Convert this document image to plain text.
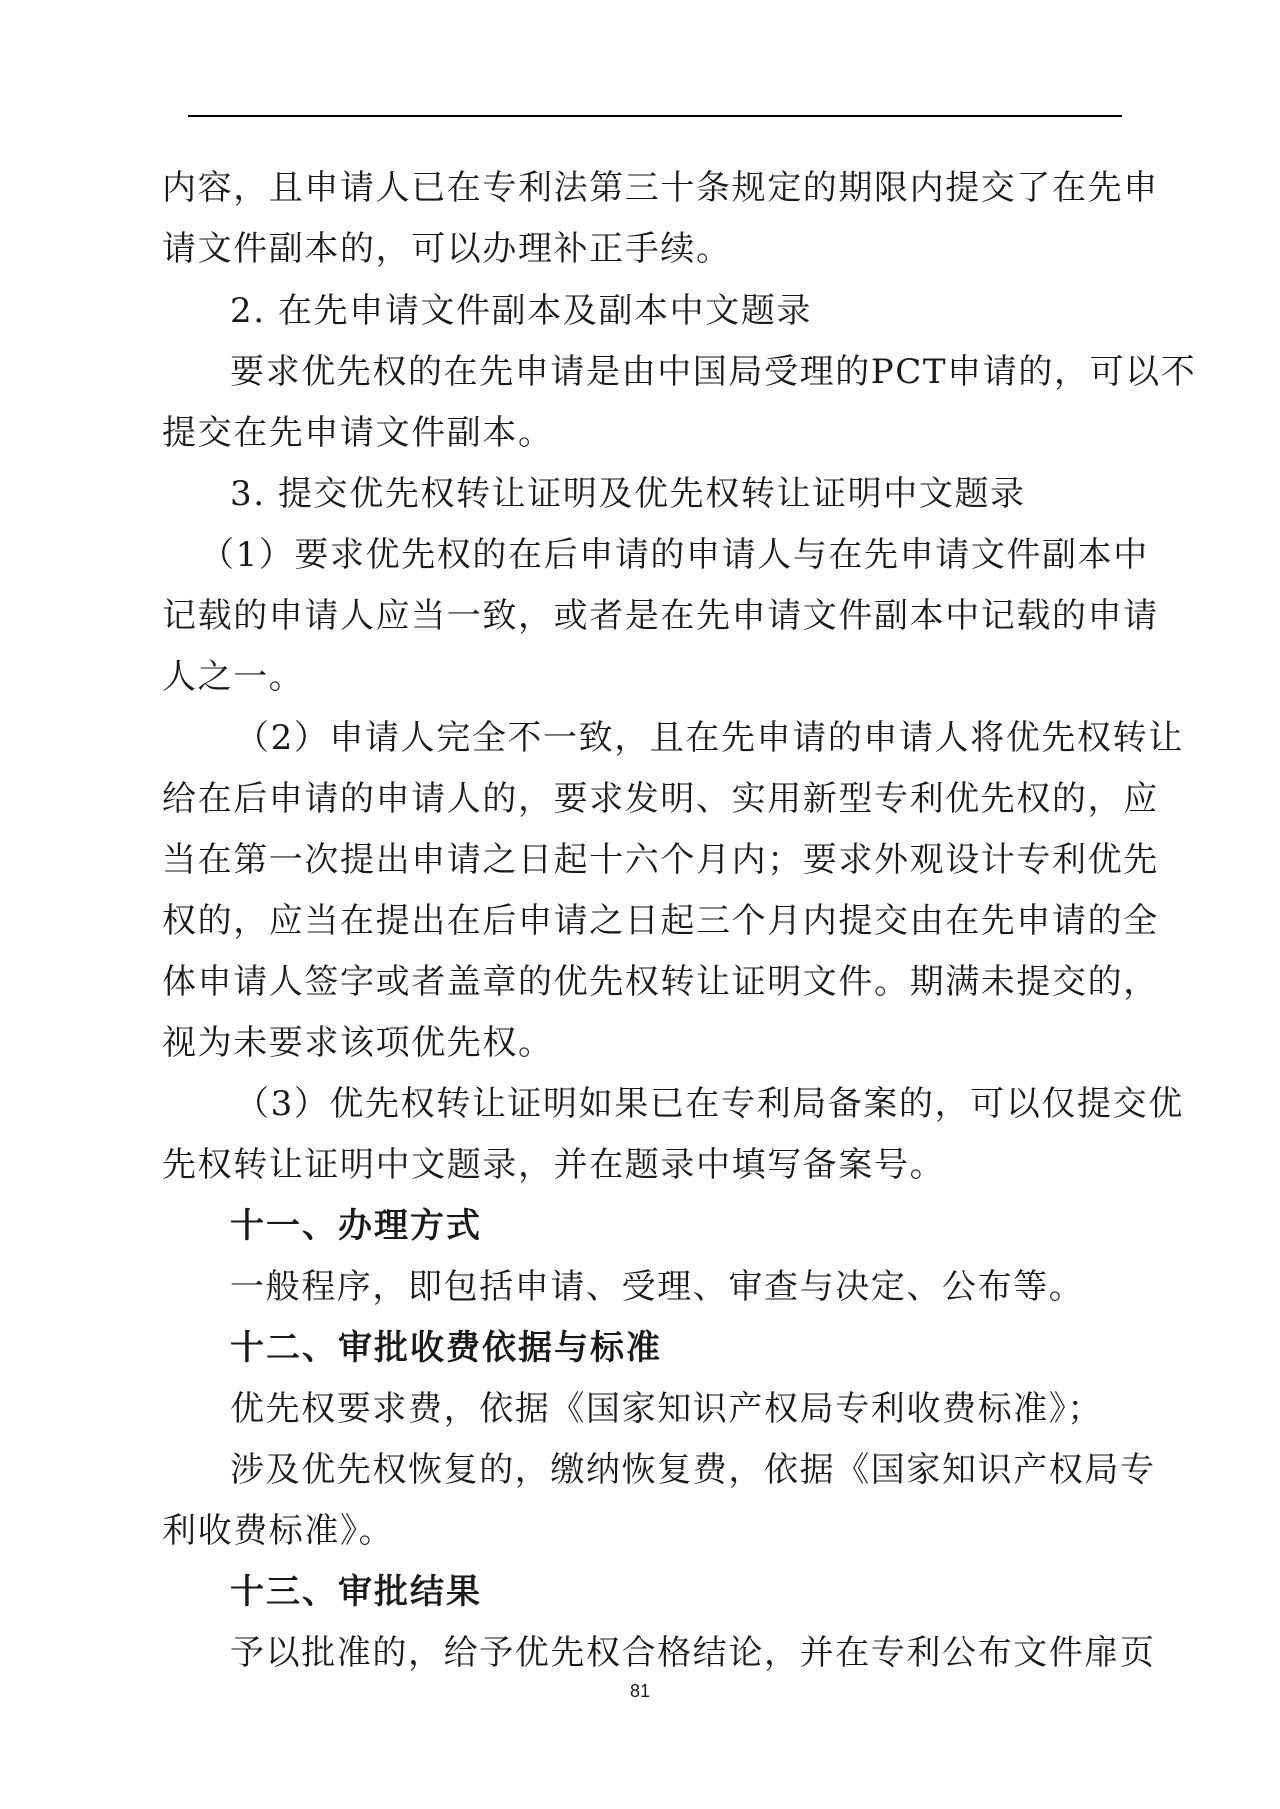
内容，且申请人已在专利法第三十条规定的期限内提交了在先申
请文件副本的，可以办理补正手续。
2. 在先申请文件副本及副本中文题录
要求优先权的在先申请是由中国局受理的PCT申请的，可以不
提交在先申请文件副本。
3. 提交优先权转让证明及优先权转让证明中文题录
（1）要求优先权的在后申请的申请人与在先申请文件副本中
记载的申请人应当一致，或者是在先申请文件副本中记载的申请
人之一。
（2）申请人完全不一致，且在先申请的申请人将优先权转让
给在后申请的申请人的，要求发明、实用新型专利优先权的，应
当在第一次提出申请之日起十六个月内；要求外观设计专利优先
权的，应当在提出在后申请之日起三个月内提交由在先申请的全
体申请人签字或者盖章的优先权转让证明文件。期满未提交的，
视为未要求该项优先权。
（3）优先权转让证明如果已在专利局备案的，可以仅提交优
先权转让证明中文题录，并在题录中填写备案号。
十一、办理方式
一般程序，即包括申请、受理、审查与决定、公布等。
十二、审批收费依据与标准
优先权要求费，依据《国家知识产权局专利收费标准》；
涉及优先权恢复的，缴纳恢复费，依据《国家知识产权局专
利收费标准》。
十三、审批结果
予以批准的，给予优先权合格结论，并在专利公布文件扉页
81
